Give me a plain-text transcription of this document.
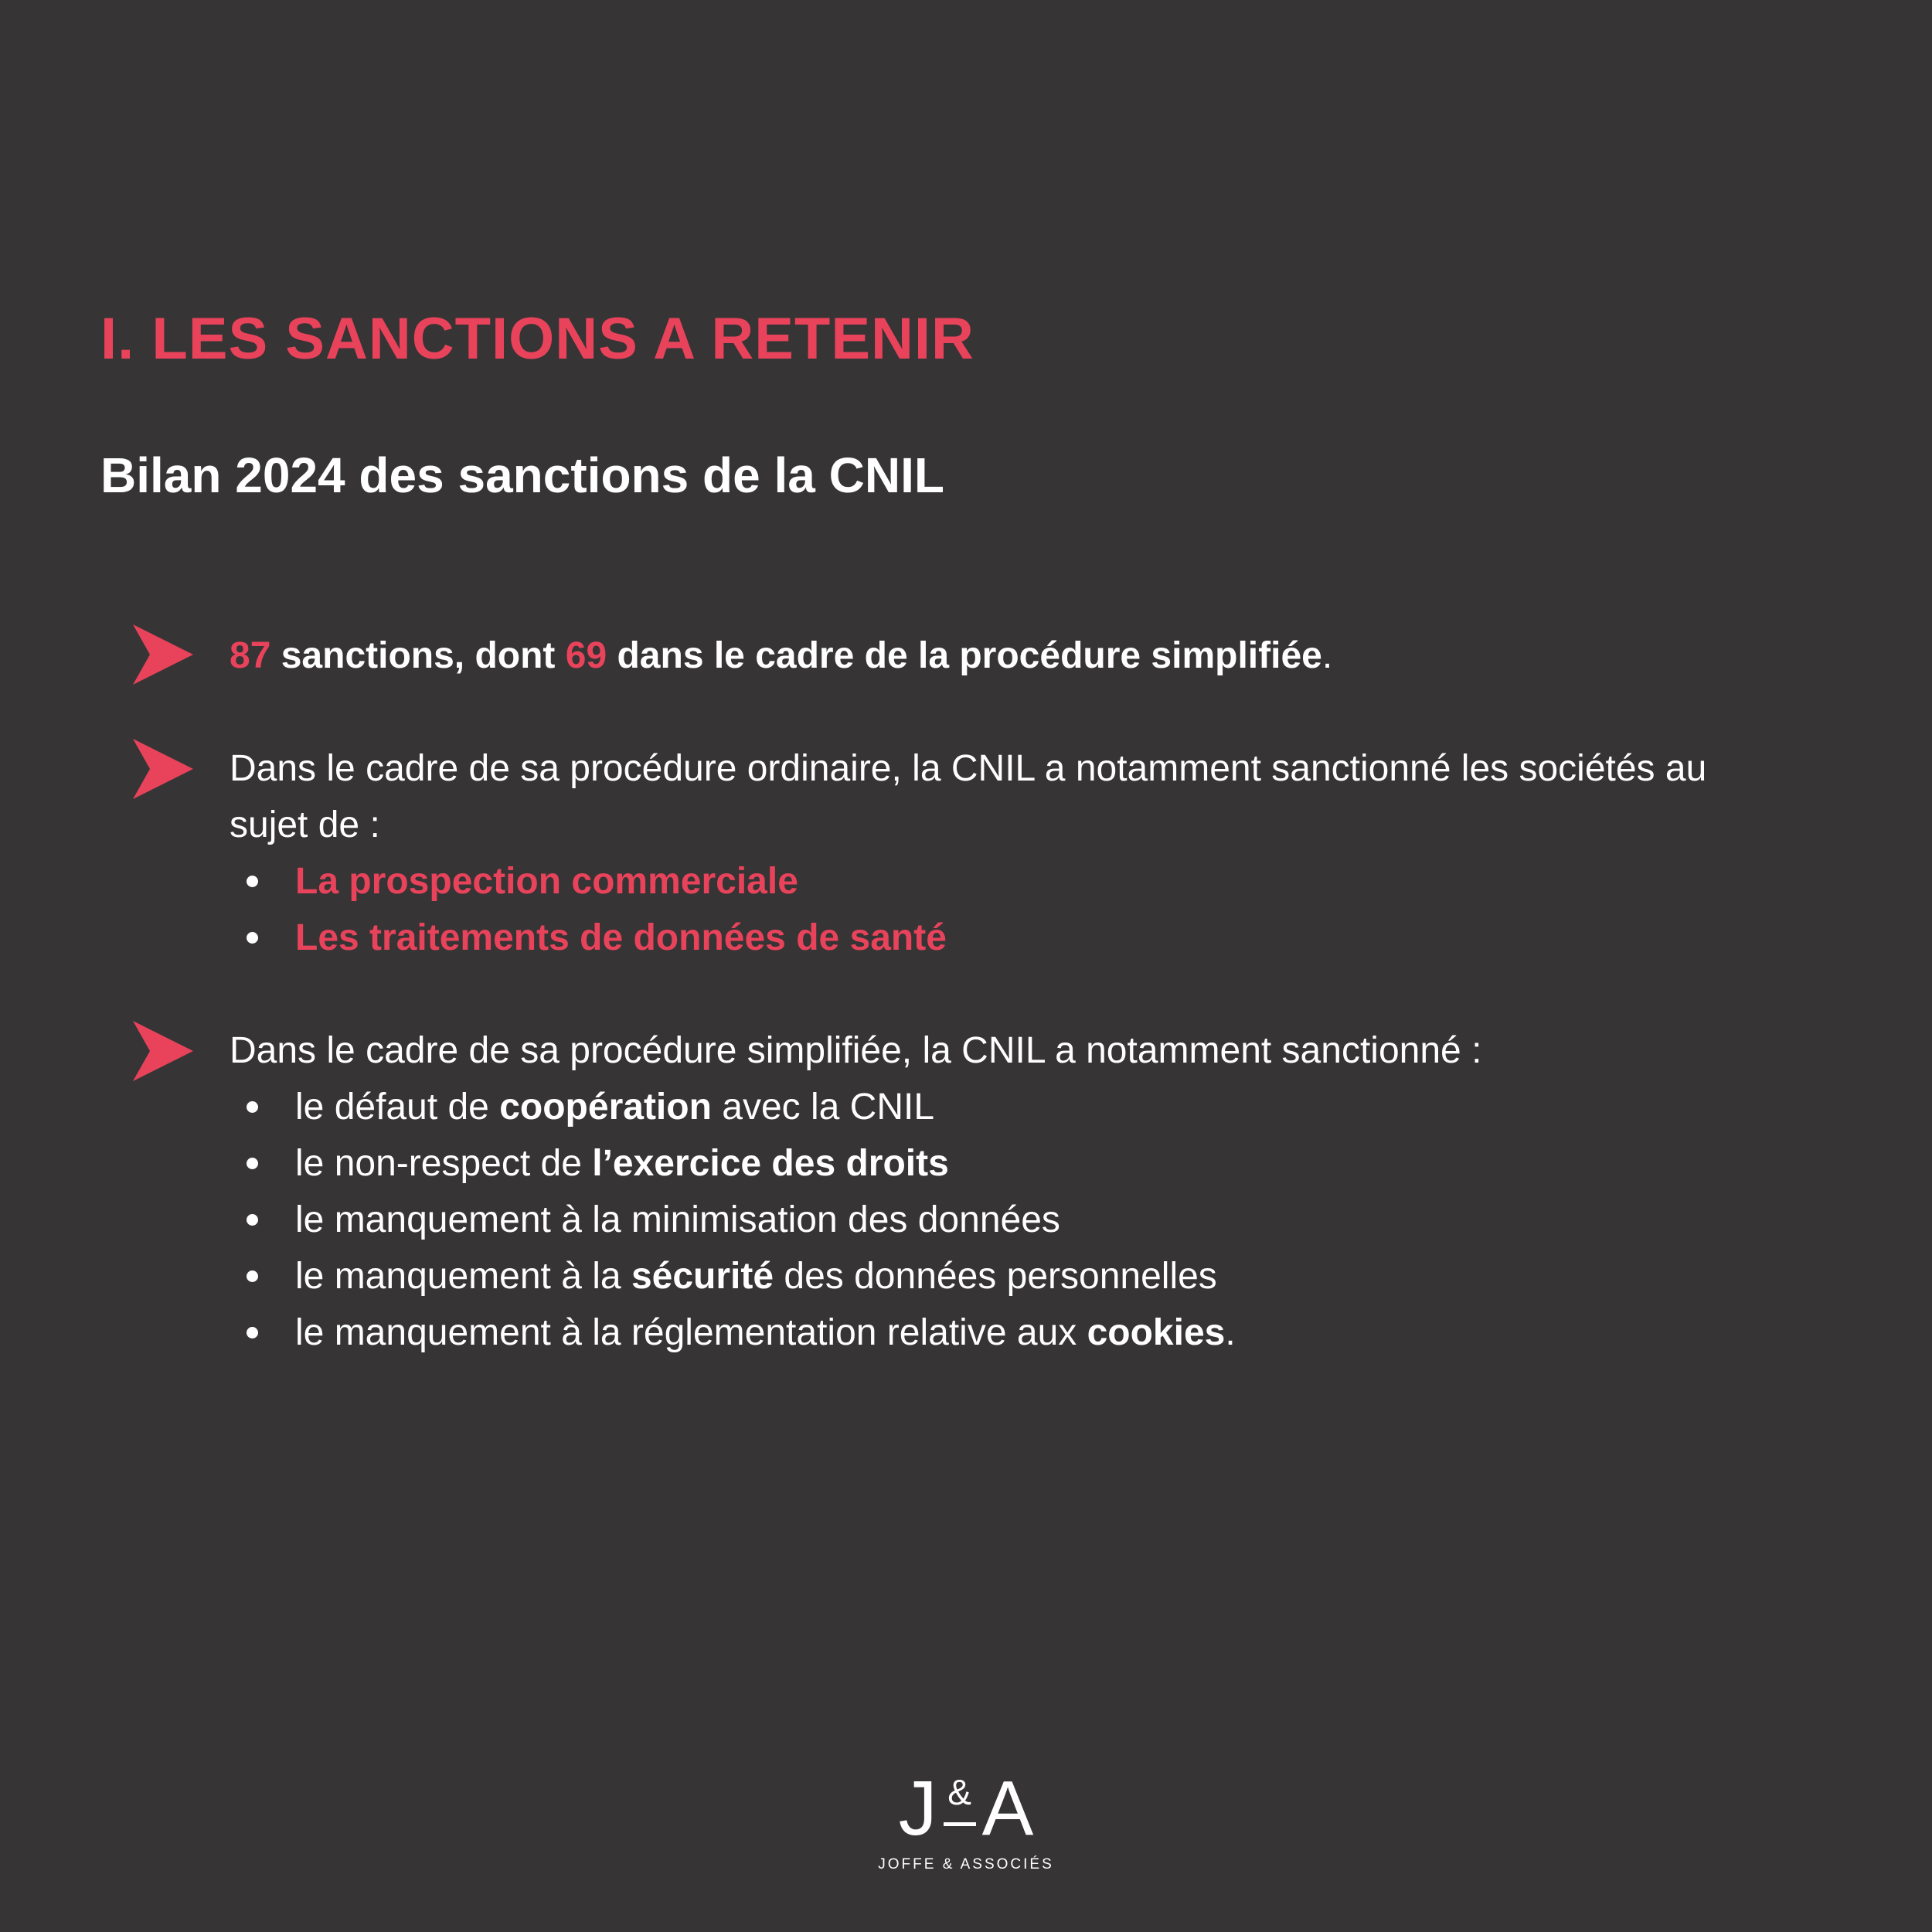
I. LES SANCTIONS A RETENIR
Bilan 2024 des sanctions de la CNIL
87 sanctions, dont 69 dans le cadre de la procédure simplifiée.
Dans le cadre de sa procédure ordinaire, la CNIL a notamment sanctionné les sociétés au sujet de :
La prospection commerciale
Les traitements de données de santé
Dans le cadre de sa procédure simplifiée, la CNIL a notamment sanctionné :
le défaut de coopération avec la CNIL
le non-respect de l’exercice des droits
le manquement à la minimisation des données
le manquement à la sécurité des données personnelles
le manquement à la réglementation relative aux cookies.
J & A
JOFFE & ASSOCIÉS
